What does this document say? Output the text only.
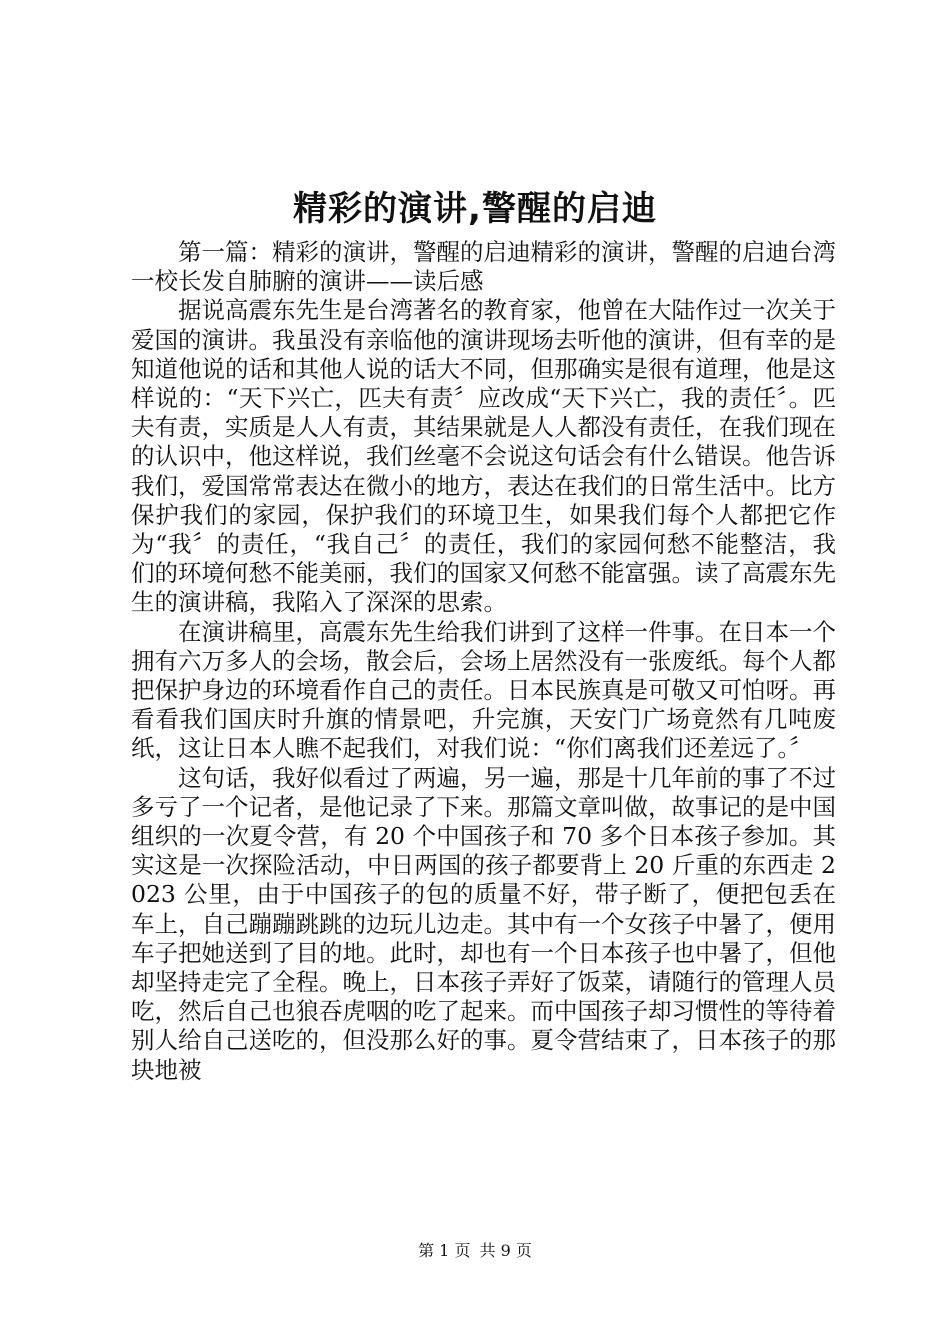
精彩的演讲,警醒的启迪

第一篇：精彩的演讲，警醒的启迪精彩的演讲，警醒的启迪台湾一校长发自肺腑的演讲——读后感

据说高震东先生是台湾著名的教育家，他曾在大陆作过一次关于爱国的演讲。我虽没有亲临他的演讲现场去听他的演讲，但有幸的是知道他说的话和其他人说的话大不同，但那确实是很有道理，他是这样说的：“天下兴亡，匹夫有责〞应改成“天下兴亡，我的责任〞。匹夫有责，实质是人人有责，其结果就是人人都没有责任，在我们现在的认识中，他这样说，我们丝毫不会说这句话会有什么错误。他告诉我们，爱国常常表达在微小的地方，表达在我们的日常生活中。比方保护我们的家园，保护我们的环境卫生，如果我们每个人都把它作为“我〞的责任，“我自己〞的责任，我们的家园何愁不能整洁，我们的环境何愁不能美丽，我们的国家又何愁不能富强。读了高震东先生的演讲稿，我陷入了深深的思索。

在演讲稿里，高震东先生给我们讲到了这样一件事。在日本一个拥有六万多人的会场，散会后，会场上居然没有一张废纸。每个人都把保护身边的环境看作自己的责任。日本民族真是可敬又可怕呀。再看看我们国庆时升旗的情景吧，升完旗，天安门广场竟然有几吨废纸，这让日本人瞧不起我们，对我们说：“你们离我们还差远了。〞

这句话，我好似看过了两遍，另一遍，那是十几年前的事了不过多亏了一个记者，是他记录了下来。那篇文章叫做，故事记的是中国组织的一次夏令营，有 20 个中国孩子和 70 多个日本孩子参加。其实这是一次探险活动，中日两国的孩子都要背上 20 斤重的东西走 2023 公里，由于中国孩子的包的质量不好，带子断了，便把包丢在车上，自己蹦蹦跳跳的边玩儿边走。其中有一个女孩子中暑了，便用车子把她送到了目的地。此时，却也有一个日本孩子也中暑了，但他却坚持走完了全程。晚上，日本孩子弄好了饭菜，请随行的管理人员吃，然后自己也狼吞虎咽的吃了起来。而中国孩子却习惯性的等待着别人给自己送吃的，但没那么好的事。夏令营结束了，日本孩子的那块地被

第 1 页 共 9 页
